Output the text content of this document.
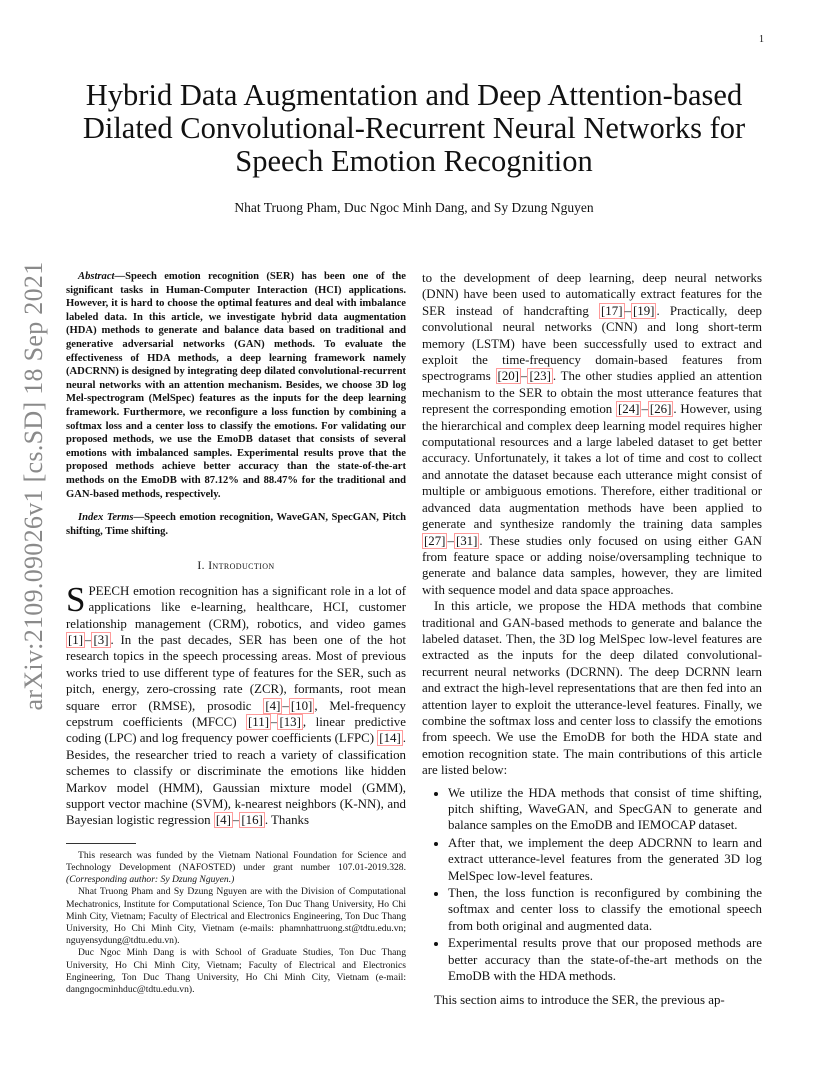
1
arXiv:2109.09026v1 [cs.SD] 18 Sep 2021
Hybrid Data Augmentation and Deep Attention-based Dilated Convolutional-Recurrent Neural Networks for Speech Emotion Recognition
Nhat Truong Pham, Duc Ngoc Minh Dang, and Sy Dzung Nguyen

Abstract—Speech emotion recognition (SER) has been one of the significant tasks in Human-Computer Interaction (HCI) applications. However, it is hard to choose the optimal features and deal with imbalance labeled data. In this article, we investigate hybrid data augmentation (HDA) methods to generate and balance data based on traditional and generative adversarial networks (GAN) methods. To evaluate the effectiveness of HDA methods, a deep learning framework namely (ADCRNN) is designed by integrating deep dilated convolutional-recurrent neural networks with an attention mechanism. Besides, we choose 3D log Mel-spectrogram (MelSpec) features as the inputs for the deep learning framework. Furthermore, we reconfigure a loss function by combining a softmax loss and a center loss to classify the emotions. For validating our proposed methods, we use the EmoDB dataset that consists of several emotions with imbalanced samples. Experimental results prove that the proposed methods achieve better accuracy than the state-of-the-art methods on the EmoDB with 87.12% and 88.47% for the traditional and GAN-based methods, respectively.

Index Terms—Speech emotion recognition, WaveGAN, SpecGAN, Pitch shifting, Time shifting.

I. Introduction

SPEECH emotion recognition has a significant role in a lot of applications like e-learning, healthcare, HCI, customer relationship management (CRM), robotics, and video games [1] – [3] . In the past decades, SER has been one of the hot research topics in the speech processing areas. Most of previous works tried to use different type of features for the SER, such as pitch, energy, zero-crossing rate (ZCR), formants, root mean square error (RMSE), prosodic [4] – [10] , Mel-frequency cepstrum coefficients (MFCC) [11] – [13] , linear predictive coding (LPC) and log frequency power coefficients (LFPC) [14] . Besides, the researcher tried to reach a variety of classification schemes to classify or discriminate the emotions like hidden Markov model (HMM), Gaussian mixture model (GMM), support vector machine (SVM), k-nearest neighbors (K-NN), and Bayesian logistic regression [4] – [16] . Thanks

This research was funded by the Vietnam National Foundation for Science and Technology Development (NAFOSTED) under grant number 107.01-2019.328. (Corresponding author: Sy Dzung Nguyen.)

Nhat Truong Pham and Sy Dzung Nguyen are with the Division of Computational Mechatronics, Institute for Computational Science, Ton Duc Thang University, Ho Chi Minh City, Vietnam; Faculty of Electrical and Electronics Engineering, Ton Duc Thang University, Ho Chi Minh City, Vietnam (e-mails: phamnhattruong.st@tdtu.edu.vn; nguyensydung@tdtu.edu.vn).

Duc Ngoc Minh Dang is with School of Graduate Studies, Ton Duc Thang University, Ho Chi Minh City, Vietnam; Faculty of Electrical and Electronics Engineering, Ton Duc Thang University, Ho Chi Minh City, Vietnam (e-mail: dangngocminhduc@tdtu.edu.vn).

to the development of deep learning, deep neural networks (DNN) have been used to automatically extract features for the SER instead of handcrafting [17] – [19] . Practically, deep convolutional neural networks (CNN) and long short-term memory (LSTM) have been successfully used to extract and exploit the time-frequency domain-based features from spectrograms [20] – [23] . The other studies applied an attention mechanism to the SER to obtain the most utterance features that represent the corresponding emotion [24] – [26] . However, using the hierarchical and complex deep learning model requires higher computational resources and a large labeled dataset to get better accuracy. Unfortunately, it takes a lot of time and cost to collect and annotate the dataset because each utterance might consist of multiple or ambiguous emotions. Therefore, either traditional or advanced data augmentation methods have been applied to generate and synthesize randomly the training data samples [27] – [31] . These studies only focused on using either GAN from feature space or adding noise/oversampling technique to generate and balance data samples, however, they are limited with sequence model and data space approaches.

In this article, we propose the HDA methods that combine traditional and GAN-based methods to generate and balance the labeled dataset. Then, the 3D log MelSpec low-level features are extracted as the inputs for the deep dilated convolutional-recurrent neural networks (DCRNN). The deep DCRNN learn and extract the high-level representations that are then fed into an attention layer to exploit the utterance-level features. Finally, we combine the softmax loss and center loss to classify the emotions from speech. We use the EmoDB for both the HDA state and emotion recognition state. The main contributions of this article are listed below:

• We utilize the HDA methods that consist of time shifting, pitch shifting, WaveGAN, and SpecGAN to generate and balance samples on the EmoDB and IEMOCAP dataset.
• After that, we implement the deep ADCRNN to learn and extract utterance-level features from the generated 3D log MelSpec low-level features.
• Then, the loss function is reconfigured by combining the softmax and center loss to classify the emotional speech from both original and augmented data.
• Experimental results prove that our proposed methods are better accuracy than the state-of-the-art methods on the EmoDB with the HDA methods.

This section aims to introduce the SER, the previous ap-
